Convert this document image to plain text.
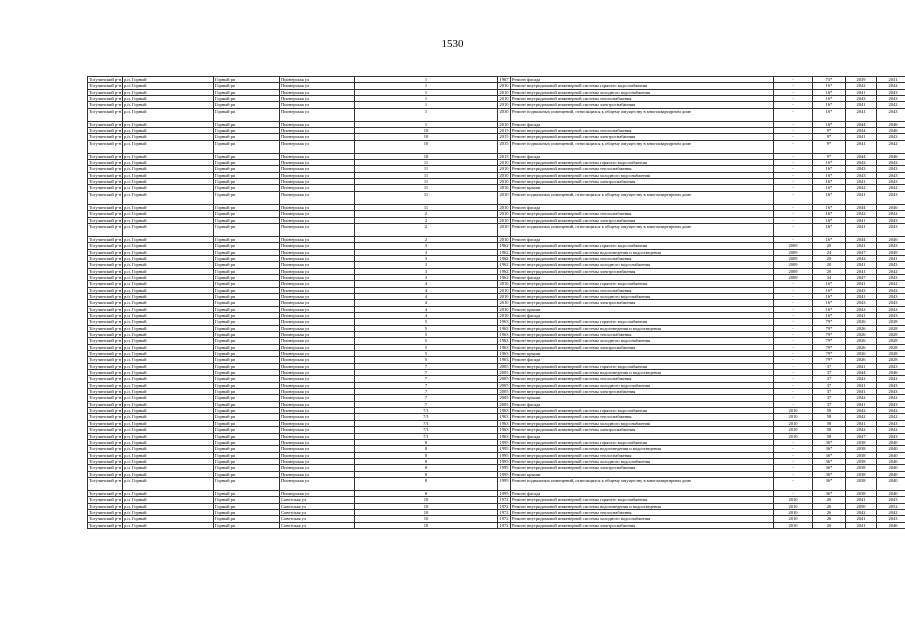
1530
Тогучинский р-н	р.п. Горный	Горный рп	Пионерская ул	1	1967	Ремонт фасада	-	73*	2039	2031
Тогучинский р-н	р.п. Горный	Горный рп	Пионерская ул	1	2010	Ремонт внутридомовой инженерной системы горячего водоснабжения	-	16*	2042	2042
Тогучинский р-н	р.п. Горный	Горный рп	Пионерская ул	1	2010	Ремонт внутридомовой инженерной системы холодного водоснабжения	-	16*	2041	2043
Тогучинский р-н	р.п. Горный	Горный рп	Пионерская ул	1	2010	Ремонт внутридомовой инженерной системы теплоснабжения	-	16*	2043	2043
Тогучинский р-н	р.п. Горный	Горный рп	Пионерская ул	1	2010	Ремонт внутридомовой инженерной системы электроснабжения	-	16*	2041	2042
Тогучинский р-н	р.п. Горный	Горный рп	Пионерская ул	1	2010	Ремонт подвальных помещений, относящихся к общему имуществу в многоквартирном доме	-	16*	2041	2043
Тогучинский р-н	р.п. Горный	Горный рп	Пионерская ул	1	2010	Ремонт фасада	-	16*	2044	2046
Тогучинский р-н	р.п. Горный	Горный рп	Пионерская ул	10	2015	Ремонт внутридомовой инженерной системы теплоснабжения	-	9*	2044	2046
Тогучинский р-н	р.п. Горный	Горный рп	Пионерская ул	10	2015	Ремонт внутридомовой инженерной системы электроснабжения	-	9*	2041	2043
Тогучинский р-н	р.п. Горный	Горный рп	Пионерская ул	10	2015	Ремонт подвальных помещений, относящихся к общему имуществу в многоквартирном доме	-	9*	2041	2042
Тогучинский р-н	р.п. Горный	Горный рп	Пионерская ул	10	2015	Ремонт фасада	-	9*	2044	2046
Тогучинский р-н	р.п. Горный	Горный рп	Пионерская ул	11	2010	Ремонт внутридомовой инженерной системы горячего водоснабжения	-	16*	2042	2042
Тогучинский р-н	р.п. Горный	Горный рп	Пионерская ул	11	2010	Ремонт внутридомовой инженерной системы теплоснабжения	-	16*	2043	2043
Тогучинский р-н	р.п. Горный	Горный рп	Пионерская ул	11	2010	Ремонт внутридомовой инженерной системы холодного водоснабжения	-	16*	2043	2043
Тогучинский р-н	р.п. Горный	Горный рп	Пионерская ул	11	2010	Ремонт внутридомовой инженерной системы электроснабжения	-	16*	2041	2043
Тогучинский р-н	р.п. Горный	Горный рп	Пионерская ул	11	2010	Ремонт крыши	-	16*	2042	2042
Тогучинский р-н	р.п. Горный	Горный рп	Пионерская ул	11	2010	Ремонт подвальных помещений, относящихся к общему имуществу в многоквартирном доме	-	16*	2041	2043
Тогучинский р-н	р.п. Горный	Горный рп	Пионерская ул	11	2010	Ремонт фасада	-	16*	2044	2046
Тогучинский р-н	р.п. Горный	Горный рп	Пионерская ул	2	2010	Ремонт внутридомовой инженерной системы теплоснабжения	-	16*	2042	2042
Тогучинский р-н	р.п. Горный	Горный рп	Пионерская ул	2	2010	Ремонт внутридомовой инженерной системы электроснабжения	-	16*	2041	2043
Тогучинский р-н	р.п. Горный	Горный рп	Пионерская ул	2	2010	Ремонт подвальных помещений, относящихся к общему имуществу в многоквартирном доме	-	16*	2041	2043
Тогучинский р-н	р.п. Горный	Горный рп	Пионерская ул	2	2010	Ремонт фасада	-	16*	2044	2046
Тогучинский р-н	р.п. Горный	Горный рп	Пионерская ул	3	1962	Ремонт внутридомовой инженерной системы горячего водоснабжения	2009	20	2041	2043
Тогучинский р-н	р.п. Горный	Горный рп	Пионерская ул	3	1962	Ремонт внутридомовой инженерной системы водоотведения и водоотведения	2009	24	2047	2049
Тогучинский р-н	р.п. Горный	Горный рп	Пионерская ул	3	1962	Ремонт внутридомовой инженерной системы теплоснабжения	2009	20	2042	2041
Тогучинский р-н	р.п. Горный	Горный рп	Пионерская ул	3	1962	Ремонт внутридомовой инженерной системы холодного водоснабжения	2009	20	2041	2043
Тогучинский р-н	р.п. Горный	Горный рп	Пионерская ул	3	1962	Ремонт внутридомовой инженерной системы электроснабжения	2009	20	2041	2042
Тогучинский р-н	р.п. Горный	Горный рп	Пионерская ул	3	1962	Ремонт фасада	2009	34	2047	2043
Тогучинский р-н	р.п. Горный	Горный рп	Пионерская ул	4	2010	Ремонт внутридомовой инженерной системы горячего водоснабжения	-	16*	2041	2042
Тогучинский р-н	р.п. Горный	Горный рп	Пионерская ул	4	2010	Ремонт внутридомовой инженерной системы теплоснабжения	-	16*	2043	2042
Тогучинский р-н	р.п. Горный	Горный рп	Пионерская ул	4	2010	Ремонт внутридомовой инженерной системы холодного водоснабжения	-	16*	2041	2043
Тогучинский р-н	р.п. Горный	Горный рп	Пионерская ул	4	2010	Ремонт внутридомовой инженерной системы электроснабжения	-	16*	2043	2043
Тогучинский р-н	р.п. Горный	Горный рп	Пионерская ул	4	2010	Ремонт крыши	-	16*	2042	2042
Тогучинский р-н	р.п. Горный	Горный рп	Пионерская ул	4	2010	Ремонт фасада	-	16*	2041	2043
Тогучинский р-н	р.п. Горный	Горный рп	Пионерская ул	5	1963	Ремонт внутридомовой инженерной системы горячего водоснабжения	-	79*	2026	2028
Тогучинский р-н	р.п. Горный	Горный рп	Пионерская ул	5	1963	Ремонт внутридомовой инженерной системы водоотведения и водоотведения	-	79*	2026	2028
Тогучинский р-н	р.п. Горный	Горный рп	Пионерская ул	5	1963	Ремонт внутридомовой инженерной системы теплоснабжения	-	79*	2026	2028
Тогучинский р-н	р.п. Горный	Горный рп	Пионерская ул	5	1963	Ремонт внутридомовой инженерной системы холодного водоснабжения	-	79*	2026	2028
Тогучинский р-н	р.п. Горный	Горный рп	Пионерская ул	5	1963	Ремонт внутридомовой инженерной системы электроснабжения	-	79*	2026	2028
Тогучинский р-н	р.п. Горный	Горный рп	Пионерская ул	5	1963	Ремонт крыши	-	79*	2026	2028
Тогучинский р-н	р.п. Горный	Горный рп	Пионерская ул	5	1963	Ремонт фасада	-	79*	2026	2028
Тогучинский р-н	р.п. Горный	Горный рп	Пионерская ул	7	2005	Ремонт внутридомовой инженерной системы горячего водоснабжения	-	37	2041	2043
Тогучинский р-н	р.п. Горный	Горный рп	Пионерская ул	7	2005	Ремонт внутридомовой инженерной системы водоотведения и водоотведения	-	37	2044	2046
Тогучинский р-н	р.п. Горный	Горный рп	Пионерская ул	7	2005	Ремонт внутридомовой инженерной системы теплоснабжения	-	37	2042	2042
Тогучинский р-н	р.п. Горный	Горный рп	Пионерская ул	7	2005	Ремонт внутридомовой инженерной системы холодного водоснабжения	-	37	2041	2043
Тогучинский р-н	р.п. Горный	Горный рп	Пионерская ул	7	2005	Ремонт внутридомовой инженерной системы электроснабжения	-	37	2041	2043
Тогучинский р-н	р.п. Горный	Горный рп	Пионерская ул	7	2005	Ремонт крыши	-	37	2042	2042
Тогучинский р-н	р.п. Горный	Горный рп	Пионерская ул	7	2005	Ремонт фасада	-	37	2041	2043
Тогучинский р-н	р.п. Горный	Горный рп	Пионерская ул	7/1	1963	Ремонт внутридомовой инженерной системы горячего водоснабжения	2010	58	2042	2042
Тогучинский р-н	р.п. Горный	Горный рп	Пионерская ул	7/1	1963	Ремонт внутридомовой инженерной системы теплоснабжения	2010	58	2042	2042
Тогучинский р-н	р.п. Горный	Горный рп	Пионерская ул	7/1	1963	Ремонт внутридомовой инженерной системы холодного водоснабжения	2010	58	2041	2043
Тогучинский р-н	р.п. Горный	Горный рп	Пионерская ул	7/1	1963	Ремонт внутридомовой инженерной системы электроснабжения	2010	58	2042	2042
Тогучинский р-н	р.п. Горный	Горный рп	Пионерская ул	7/1	1963	Ремонт фасада	2010	58	2047	2043
Тогучинский р-н	р.п. Горный	Горный рп	Пионерская ул	8	1995	Ремонт внутридомовой инженерной системы горячего водоснабжения	-	36*	2038	2040
Тогучинский р-н	р.п. Горный	Горный рп	Пионерская ул	8	1995	Ремонт внутридомовой инженерной системы водоотведения и водоотведения	-	36*	2038	2040
Тогучинский р-н	р.п. Горный	Горный рп	Пионерская ул	8	1995	Ремонт внутридомовой инженерной системы теплоснабжения	-	36*	2038	2040
Тогучинский р-н	р.п. Горный	Горный рп	Пионерская ул	8	1995	Ремонт внутридомовой инженерной системы холодного водоснабжения	-	36*	2038	2040
Тогучинский р-н	р.п. Горный	Горный рп	Пионерская ул	8	1995	Ремонт внутридомовой инженерной системы электроснабжения	-	36*	2038	2040
Тогучинский р-н	р.п. Горный	Горный рп	Пионерская ул	8	1995	Ремонт крыши	-	36*	2038	2040
Тогучинский р-н	р.п. Горный	Горный рп	Пионерская ул	8	1995	Ремонт подвальных помещений, относящихся к общему имуществу в многоквартирном доме	-	36*	2038	2040
Тогучинский р-н	р.п. Горный	Горный рп	Пионерская ул	8	1995	Ремонт фасада	-	36*	2038	2040
Тогучинский р-н	р.п. Горный	Горный рп	Советская ул	10	1972	Ремонт внутридомовой инженерной системы горячего водоснабжения	2010	26	2041	2043
Тогучинский р-н	р.п. Горный	Горный рп	Советская ул	10	1972	Ремонт внутридомовой инженерной системы водоотведения и водоотведения	2010	26	2050	2052
Тогучинский р-н	р.п. Горный	Горный рп	Советская ул	10	1972	Ремонт внутридомовой инженерной системы теплоснабжения	2010	26	2042	2042
Тогучинский р-н	р.п. Горный	Горный рп	Советская ул	10	1972	Ремонт внутридомовой инженерной системы холодного водоснабжения	2010	26	2041	2043
Тогучинский р-н	р.п. Горный	Горный рп	Советская ул	10	1972	Ремонт внутридомовой инженерной системы электроснабжения	2010	26	2041	2046
